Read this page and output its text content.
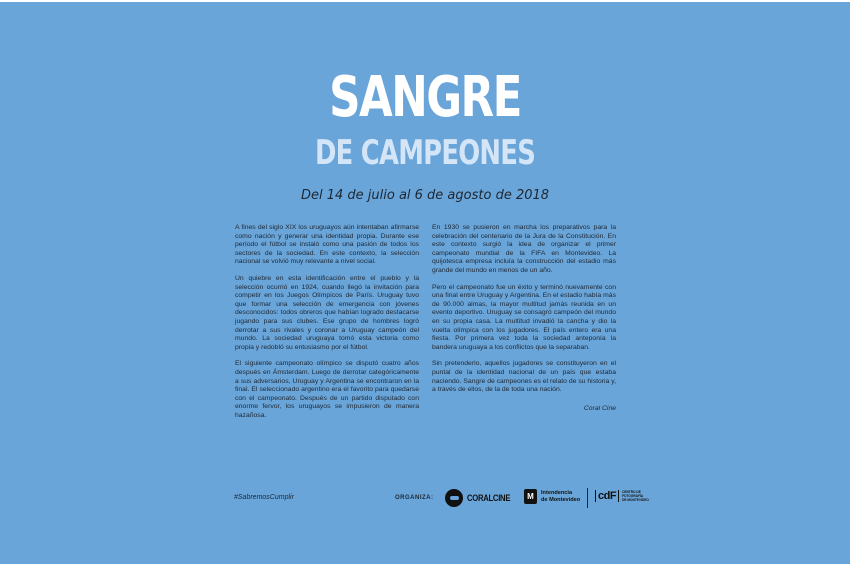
SANGRE
DE CAMPEONES
Del 14 de julio al 6 de agosto de 2018

A fines del siglo XIX los uruguayos aún intentaban afirmarse como nación y generar una identidad propia. Durante ese período el fútbol se instaló como una pasión de todos los sectores de la sociedad. En este contexto, la selección nacional se volvió muy relevante a nivel social.

Un quiebre en esta identificación entre el pueblo y la selección ocurrió en 1924, cuando llegó la invitación para competir en los Juegos Olímpicos de París. Uruguay tuvo que formar una selección de emergencia con jóvenes desconocidos: todos obreros que habían logrado destacarse jugando para sus clubes. Ese grupo de hombres logró derrotar a sus rivales y coronar a Uruguay campeón del mundo. La sociedad uruguaya tomó esta victoria como propia y redobló su entusiasmo por el fútbol.

El siguiente campeonato olímpico se disputó cuatro años después en Ámsterdam. Luego de derrotar categóricamente a sus adversarios, Uruguay y Argentina se encontraron en la final. El seleccionado argentino era el favorito para quedarse con el campeonato. Después de un partido disputado con enorme fervor, los uruguayos se impusieron de manera hazañosa.

En 1930 se pusieron en marcha los preparativos para la celebración del centenario de la Jura de la Constitución. En este contexto surgió la idea de organizar el primer campeonato mundial de la FIFA en Montevideo. La quijotesca empresa incluía la construcción del estadio más grande del mundo en menos de un año.

Pero el campeonato fue un éxito y terminó nuevamente con una final entre Uruguay y Argentina. En el estadio había más de 90.000 almas, la mayor multitud jamás reunida en un evento deportivo. Uruguay se consagró campeón del mundo en su propia casa. La multitud invadió la cancha y dio la vuelta olímpica con los jugadores. El país entero era una fiesta. Por primera vez toda la sociedad anteponía la bandera uruguaya a los conflictos que la separaban.

Sin pretenderlo, aquellos jugadores se constituyeron en el puntal de la identidad nacional de un país que estaba naciendo. Sangre de campeones es el relato de su historia y, a través de ellos, de la de toda una nación.

Coral Cine

#SabremosCumplir	ORGANIZA:	CORALCINE	M	Intendencia
de Montevideo cdF	CENTRO DE
FOTOGRAFÍA
DE MONTEVIDEO
